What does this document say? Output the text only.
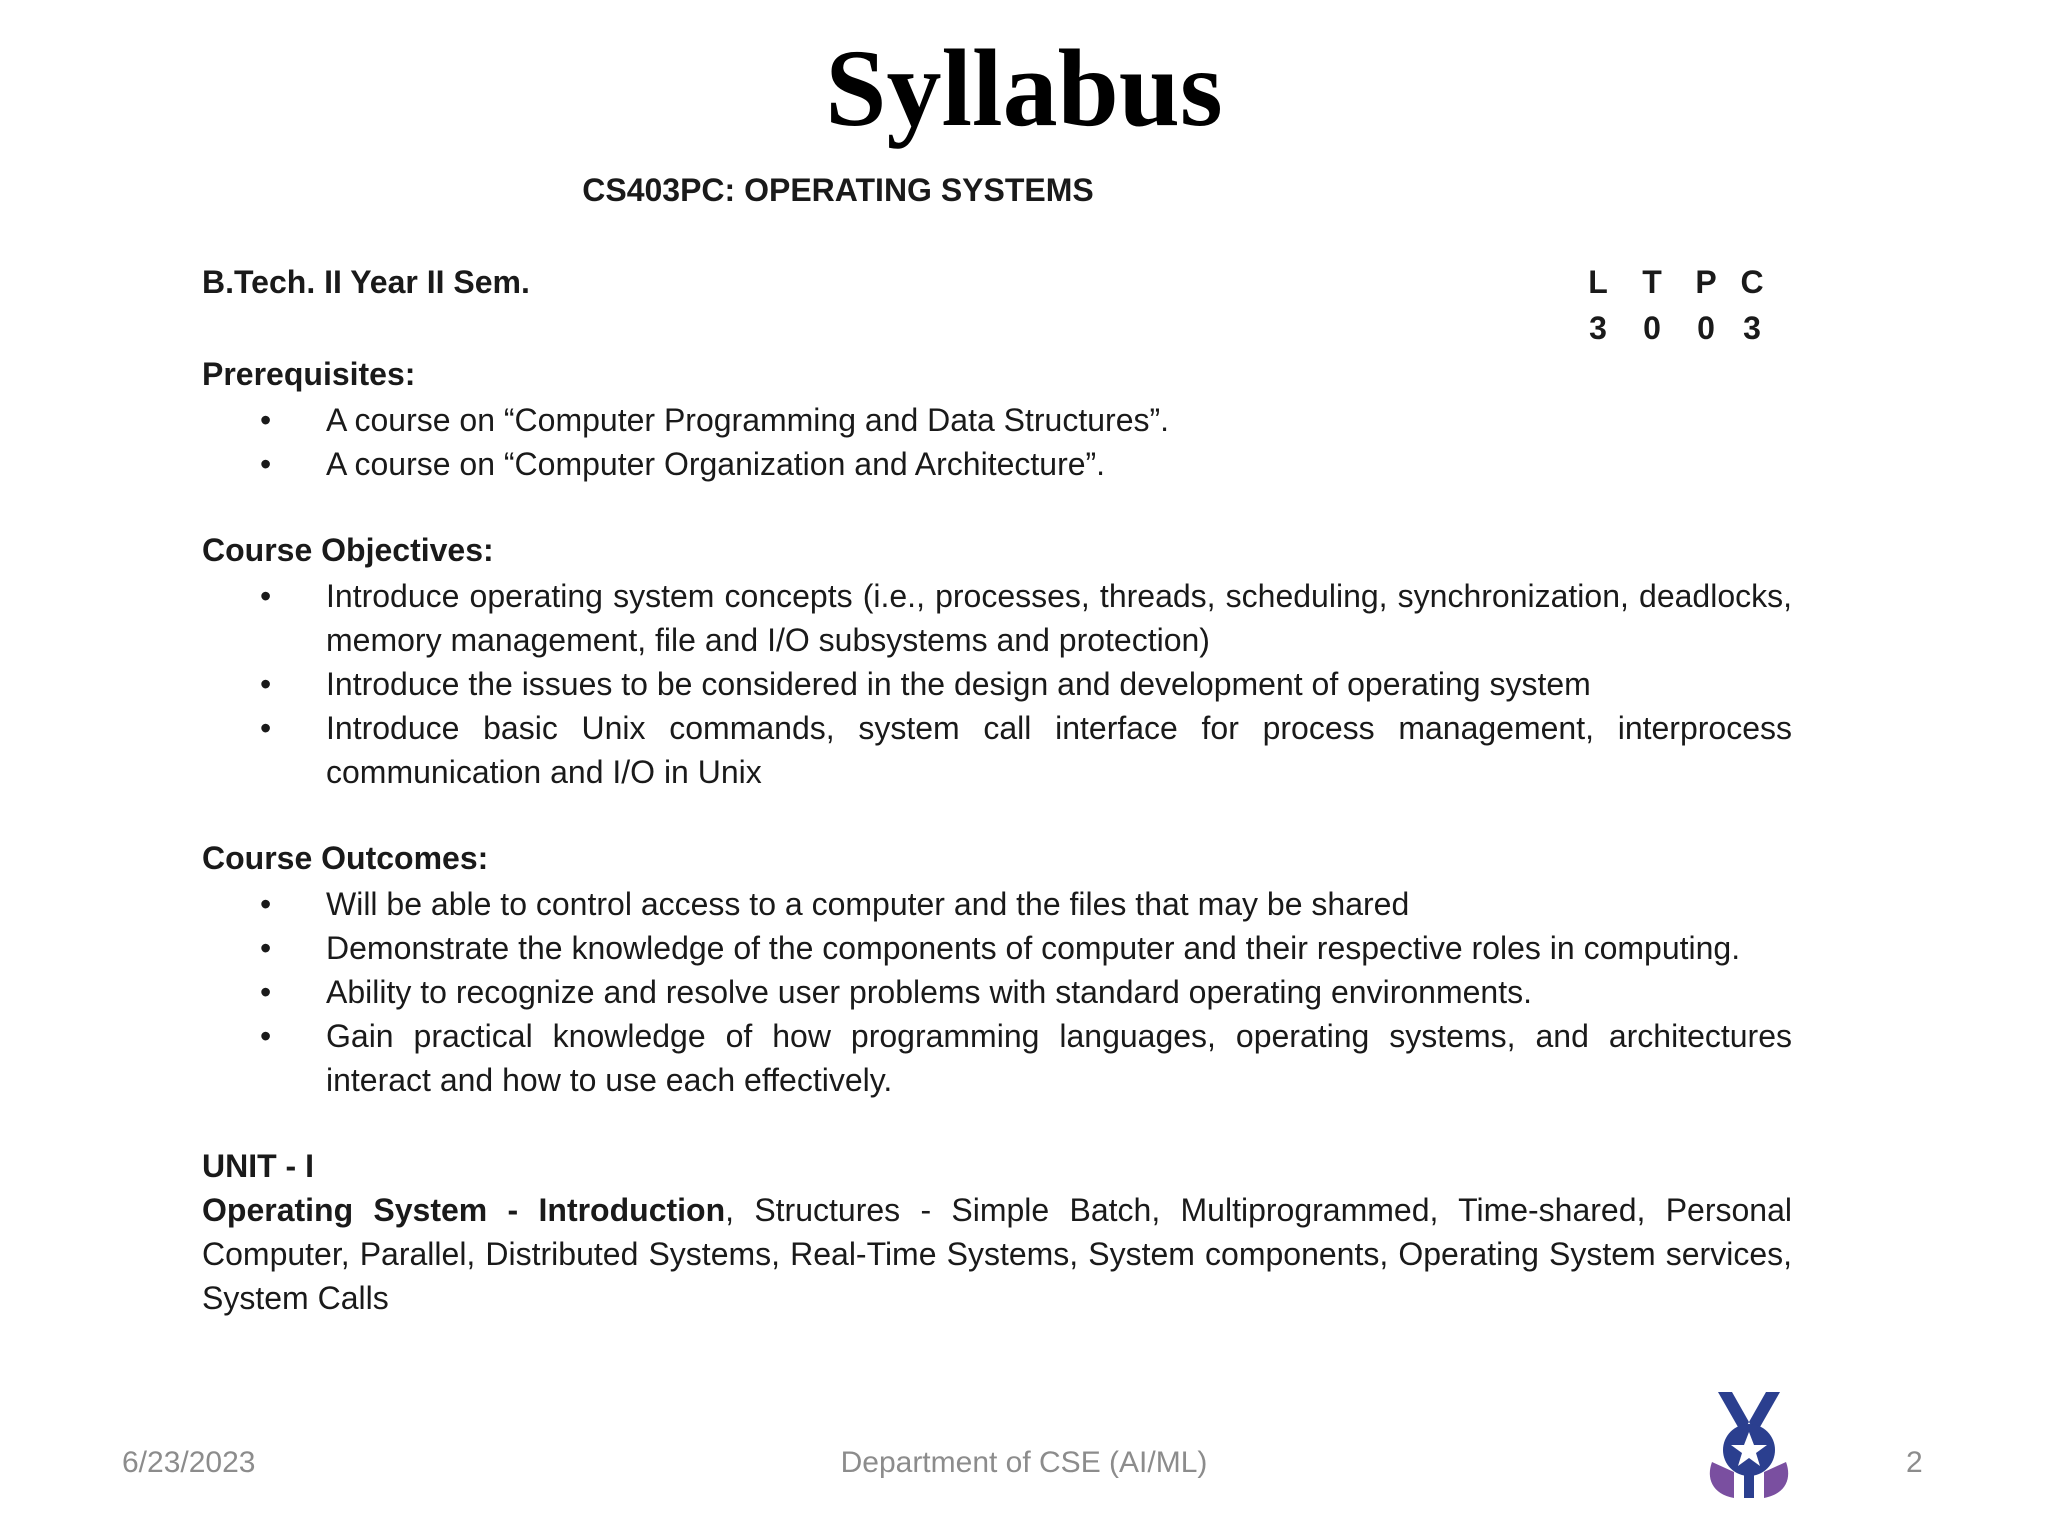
Syllabus
CS403PC: OPERATING SYSTEMS
B.Tech. II Year II Sem.	L	T	P C
3	0	0 3
Prerequisites:
• A course on “Computer Programming and Data Structures”.
• A course on “Computer Organization and Architecture”.
Course Objectives:
• Introduce operating system concepts (i.e., processes, threads, scheduling, synchronization, deadlocks, memory management, file and I/O subsystems and protection)
• Introduce the issues to be considered in the design and development of operating system
• Introduce basic Unix commands, system call interface for process management, interprocess communication and I/O in Unix
Course Outcomes:
• Will be able to control access to a computer and the files that may be shared
• Demonstrate the knowledge of the components of computer and their respective roles in computing.
• Ability to recognize and resolve user problems with standard operating environments.
• Gain practical knowledge of how programming languages, operating systems, and architectures interact and how to use each effectively.
UNIT - I
Operating System - Introduction, Structures - Simple Batch, Multiprogrammed, Time-shared, Personal Computer, Parallel, Distributed Systems, Real-Time Systems, System components, Operating System services, System Calls
6/23/2023	Department of CSE (AI/ML)	2
